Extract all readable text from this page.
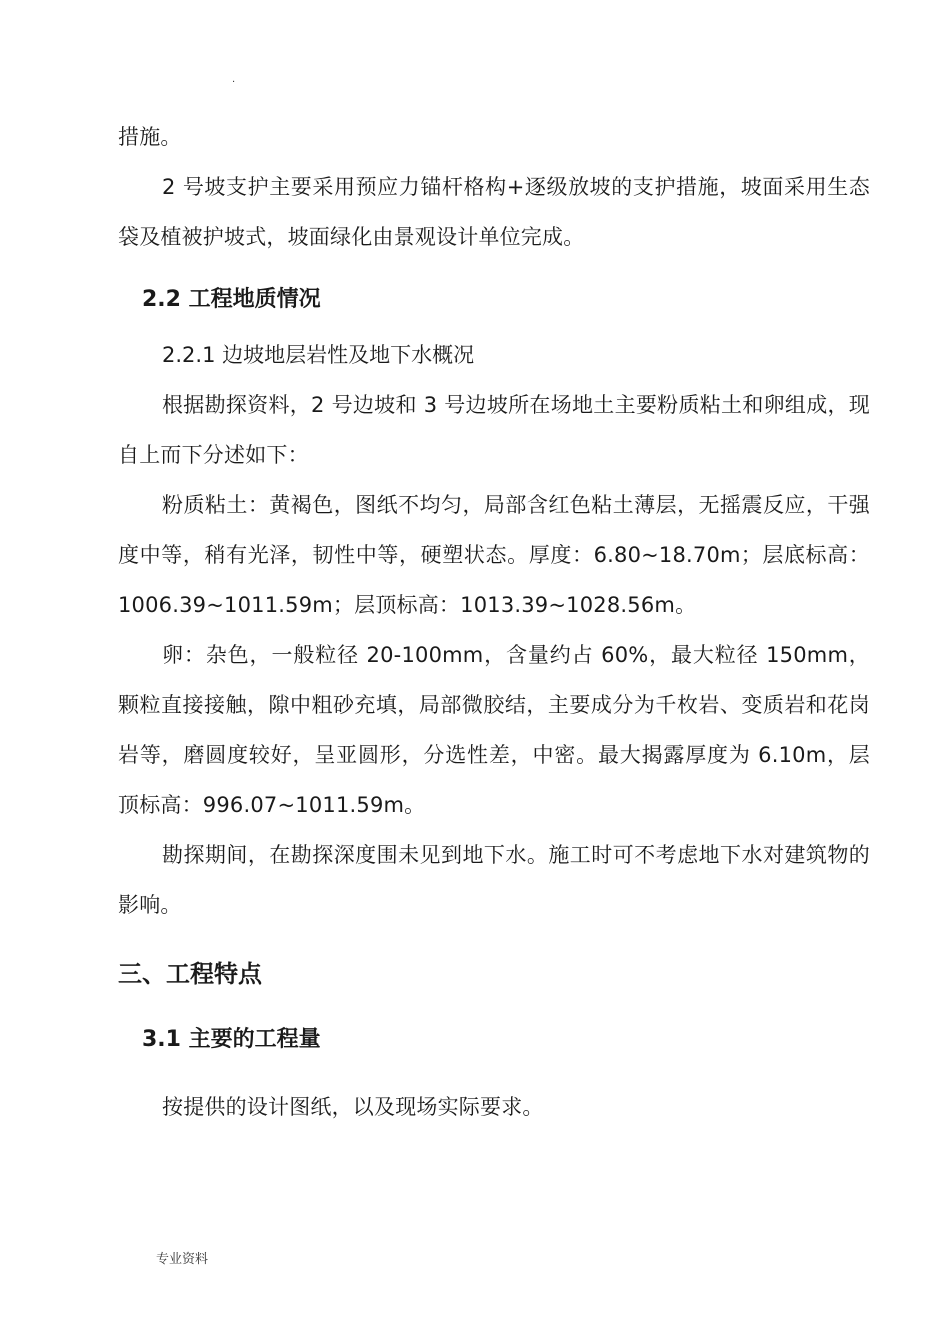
.

措施。

2 号坡支护主要采用预应力锚杆格构+逐级放坡的支护措施，坡面采用生态袋及植被护坡式，坡面绿化由景观设计单位完成。

2.2 工程地质情况

2.2.1 边坡地层岩性及地下水概况

根据勘探资料，2 号边坡和 3 号边坡所在场地土主要粉质粘土和卵组成，现自上而下分述如下：

粉质粘土：黄褐色，图纸不均匀，局部含红色粘土薄层，无摇震反应，干强度中等，稍有光泽，韧性中等，硬塑状态。厚度：6.80~18.70m；层底标高：1006.39~1011.59m；层顶标高：1013.39~1028.56m。

卵：杂色，一般粒径 20-100mm，含量约占 60%，最大粒径 150mm，颗粒直接接触，隙中粗砂充填，局部微胶结，主要成分为千枚岩、变质岩和花岗岩等，磨圆度较好，呈亚圆形，分选性差，中密。最大揭露厚度为 6.10m，层顶标高：996.07~1011.59m。

勘探期间，在勘探深度围未见到地下水。施工时可不考虑地下水对建筑物的影响。

三、工程特点
3.1 主要的工程量

按提供的设计图纸，以及现场实际要求。

专业资料
